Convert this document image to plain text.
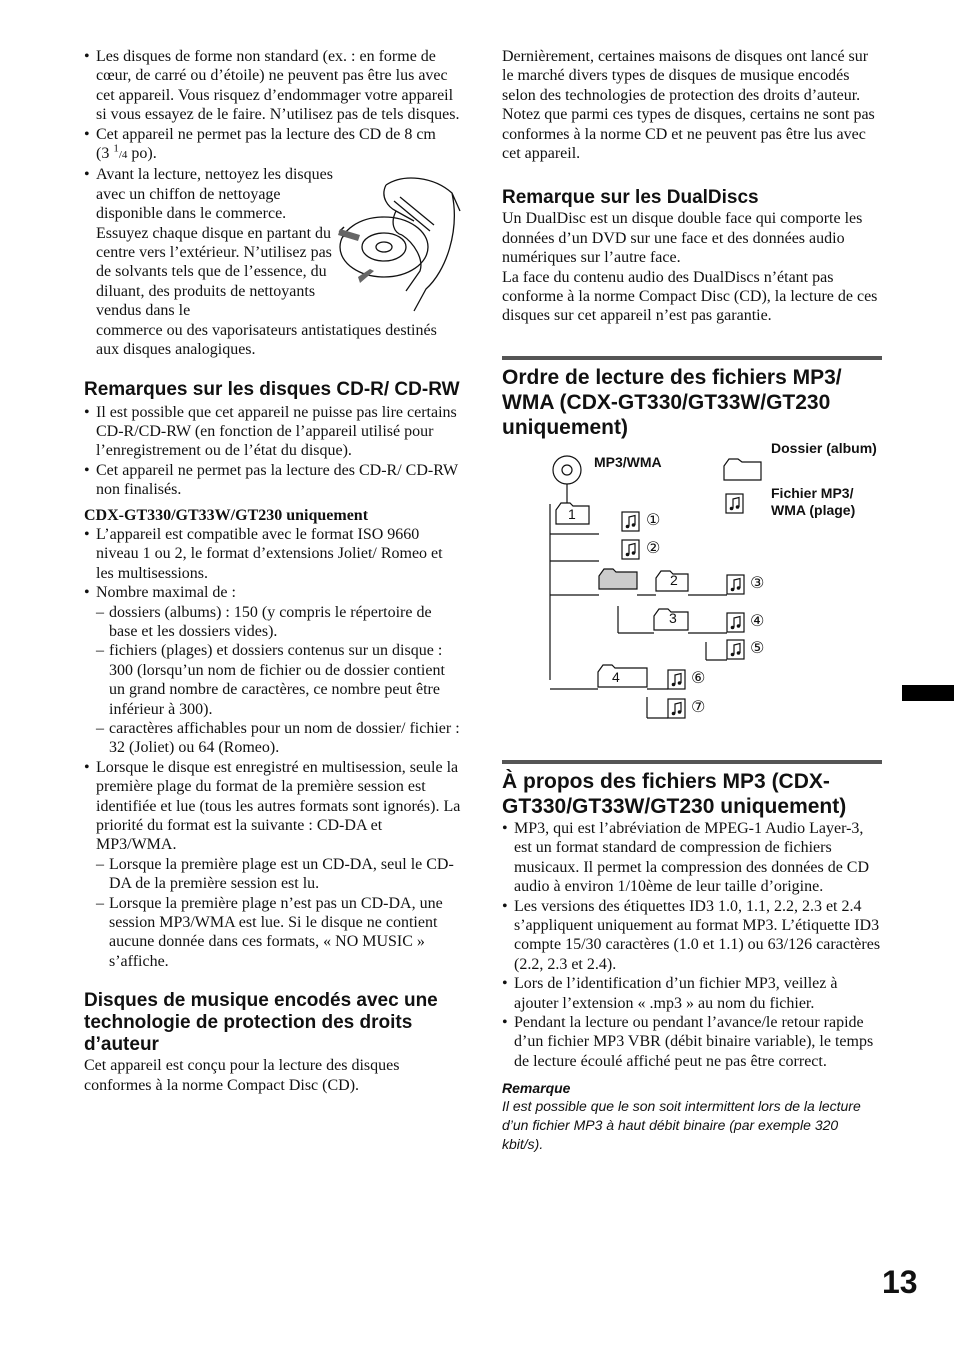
• Les disques de forme non standard (ex. : en forme de cœur, de carré ou d’étoile) ne peuvent pas être lus avec cet appareil. Vous risquez d’endommager votre appareil si vous essayez de le faire. N’utilisez pas de tels disques.
• Cet appareil ne permet pas la lecture des CD de 8 cm (3 $^1$/4 po).
• Avant la lecture, nettoyez les disques avec un chiffon de nettoyage disponible dans le commerce. Essuyez chaque disque en partant du centre vers l’extérieur. N’utilisez pas de solvants tels que de l’essence, du diluant, des produits de nettoyants vendus dans le
commerce ou des vaporisateurs antistatiques destinés aux disques analogiques.
Remarques sur les disques CD-R/ CD-RW
• Il est possible que cet appareil ne puisse pas lire certains CD-R/CD-RW (en fonction de l’appareil utilisé pour l’enregistrement ou de l’état du disque).
• Cet appareil ne permet pas la lecture des CD-R/ CD-RW non finalisés.
CDX-GT330/GT33W/GT230 uniquement
• L’appareil est compatible avec le format ISO 9660 niveau 1 ou 2, le format d’extensions Joliet/ Romeo et les multisessions.
• Nombre maximal de :
– dossiers (albums) : 150 (y compris le répertoire de base et les dossiers vides).
– fichiers (plages) et dossiers contenus sur un disque : 300 (lorsqu’un nom de fichier ou de dossier contient un grand nombre de caractères, ce nombre peut être inférieur à 300).
– caractères affichables pour un nom de dossier/ fichier : 32 (Joliet) ou 64 (Romeo).
• Lorsque le disque est enregistré en multisession, seule la première plage du format de la première session est identifiée et lue (tous les autres formats sont ignorés). La priorité du format est la suivante : CD-DA et MP3/WMA.
– Lorsque la première plage est un CD-DA, seul le CD-DA de la première session est lu.
– Lorsque la première plage n’est pas un CD-DA, une session MP3/WMA est lue. Si le disque ne contient aucune donnée dans ces formats, « NO MUSIC » s’affiche.
Disques de musique encodés avec une technologie de protection des droits d’auteur

Cet appareil est conçu pour la lecture des disques conformes à la norme Compact Disc (CD).

Dernièrement, certaines maisons de disques ont lancé sur le marché divers types de disques de musique encodés selon des technologies de protection des droits d’auteur. Notez que parmi ces types de disques, certains ne sont pas conformes à la norme CD et ne peuvent pas être lus avec cet appareil.

Remarque sur les DualDiscs

Un DualDisc est un disque double face qui comporte les données d’un DVD sur une face et des données audio numériques sur l’autre face.

La face du contenu audio des DualDiscs n’étant pas conforme à la norme Compact Disc (CD), la lecture de ces disques sur cet appareil n’est pas garantie.

Ordre de lecture des fichiers MP3/ WMA (CDX-GT330/GT33W/GT230 uniquement)
MP3/WMA
Dossier (album)
Fichier MP3/ WMA (plage)
1
2
3
4
①
②
③
④
⑤
⑥
⑦
À propos des fichiers MP3 (CDX-GT330/GT33W/GT230 uniquement)
• MP3, qui est l’abréviation de MPEG-1 Audio Layer-3, est un format standard de compression de fichiers musicaux. Il permet la compression des données de CD audio à environ 1/10ème de leur taille d’origine.
• Les versions des étiquettes ID3 1.0, 1.1, 2.2, 2.3 et 2.4 s’appliquent uniquement au format MP3. L’étiquette ID3 compte 15/30 caractères (1.0 et 1.1) ou 63/126 caractères (2.2, 2.3 et 2.4).
• Lors de l’identification d’un fichier MP3, veillez à ajouter l’extension « .mp3 » au nom du fichier.
• Pendant la lecture ou pendant l’avance/le retour rapide d’un fichier MP3 VBR (débit binaire variable), le temps de lecture écoulé affiché peut ne pas être correct.
Remarque
Il est possible que le son soit intermittent lors de la lecture d’un fichier MP3 à haut débit binaire (par exemple 320 kbit/s).
13
